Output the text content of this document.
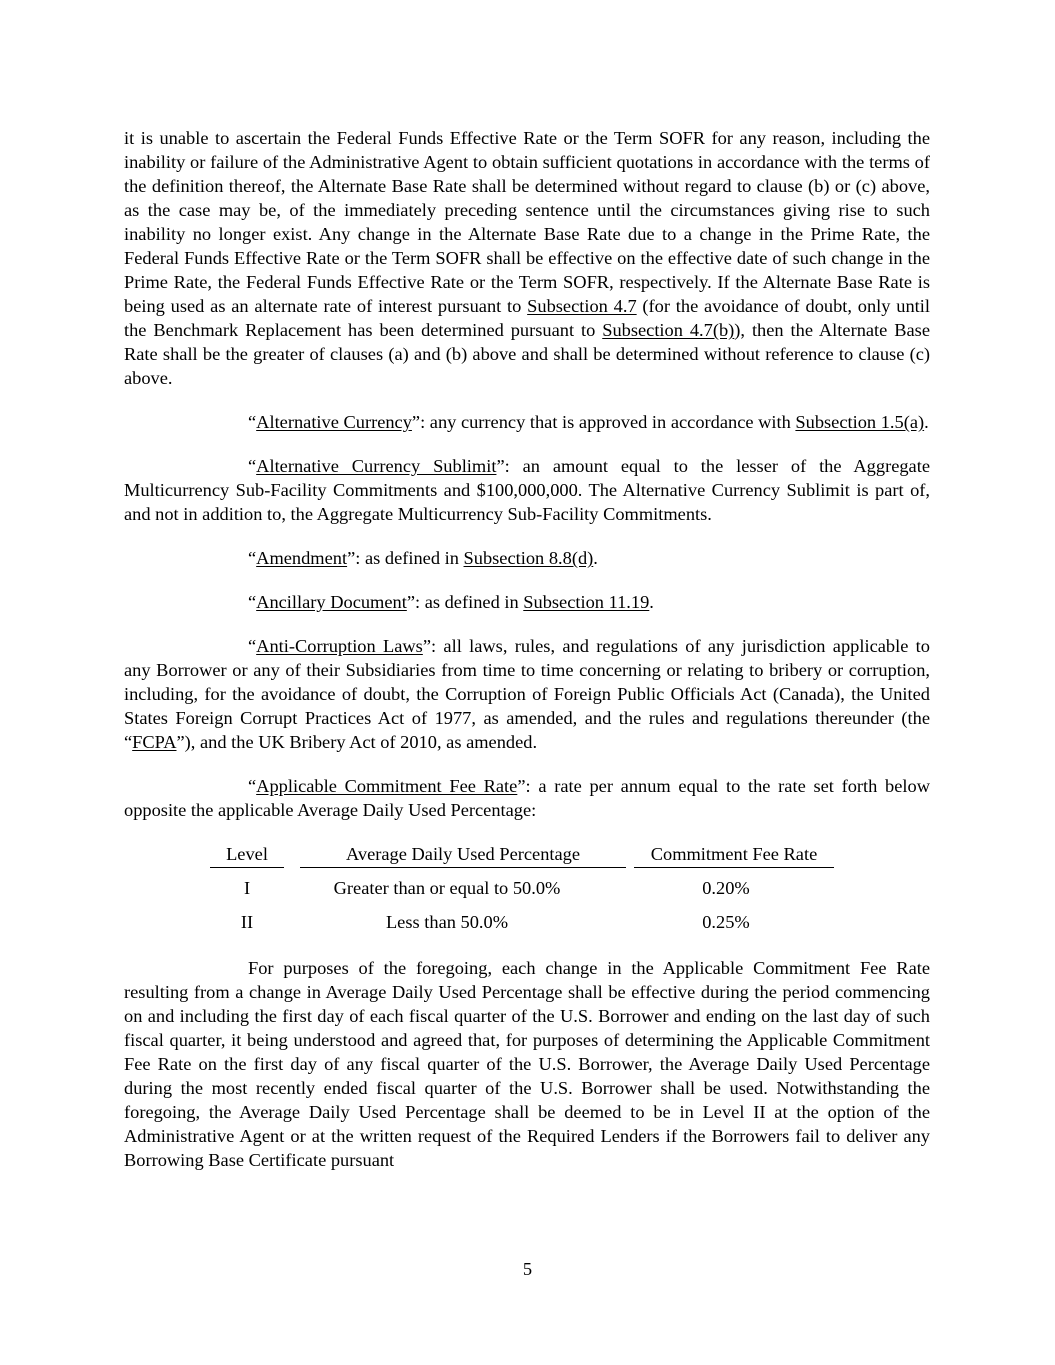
it is unable to ascertain the Federal Funds Effective Rate or the Term SOFR for any reason, including the inability or failure of the Administrative Agent to obtain sufficient quotations in accordance with the terms of the definition thereof, the Alternate Base Rate shall be determined without regard to clause (b) or (c) above, as the case may be, of the immediately preceding sentence until the circumstances giving rise to such inability no longer exist. Any change in the Alternate Base Rate due to a change in the Prime Rate, the Federal Funds Effective Rate or the Term SOFR shall be effective on the effective date of such change in the Prime Rate, the Federal Funds Effective Rate or the Term SOFR, respectively. If the Alternate Base Rate is being used as an alternate rate of interest pursuant to Subsection 4.7 (for the avoidance of doubt, only until the Benchmark Replacement has been determined pursuant to Subsection 4.7(b)), then the Alternate Base Rate shall be the greater of clauses (a) and (b) above and shall be determined without reference to clause (c) above.

“Alternative Currency”: any currency that is approved in accordance with Subsection 1.5(a).

“Alternative Currency Sublimit”: an amount equal to the lesser of the Aggregate Multicurrency Sub-Facility Commitments and $100,000,000. The Alternative Currency Sublimit is part of, and not in addition to, the Aggregate Multicurrency Sub-Facility Commitments.

“Amendment”: as defined in Subsection 8.8(d).

“Ancillary Document”: as defined in Subsection 11.19.

“Anti-Corruption Laws”: all laws, rules, and regulations of any jurisdiction applicable to any Borrower or any of their Subsidiaries from time to time concerning or relating to bribery or corruption, including, for the avoidance of doubt, the Corruption of Foreign Public Officials Act (Canada), the United States Foreign Corrupt Practices Act of 1977, as amended, and the rules and regulations thereunder (the “FCPA”), and the UK Bribery Act of 2010, as amended.

“Applicable Commitment Fee Rate”: a rate per annum equal to the rate set forth below opposite the applicable Average Daily Used Percentage:

Level	Average Daily Used Percentage	Commitment Fee Rate
I	Greater than or equal to 50.0%	0.20%
II	Less than 50.0%	0.25%

For purposes of the foregoing, each change in the Applicable Commitment Fee Rate resulting from a change in Average Daily Used Percentage shall be effective during the period commencing on and including the first day of each fiscal quarter of the U.S. Borrower and ending on the last day of such fiscal quarter, it being understood and agreed that, for purposes of determining the Applicable Commitment Fee Rate on the first day of any fiscal quarter of the U.S. Borrower, the Average Daily Used Percentage during the most recently ended fiscal quarter of the U.S. Borrower shall be used. Notwithstanding the foregoing, the Average Daily Used Percentage shall be deemed to be in Level II at the option of the Administrative Agent or at the written request of the Required Lenders if the Borrowers fail to deliver any Borrowing Base Certificate pursuant

5
